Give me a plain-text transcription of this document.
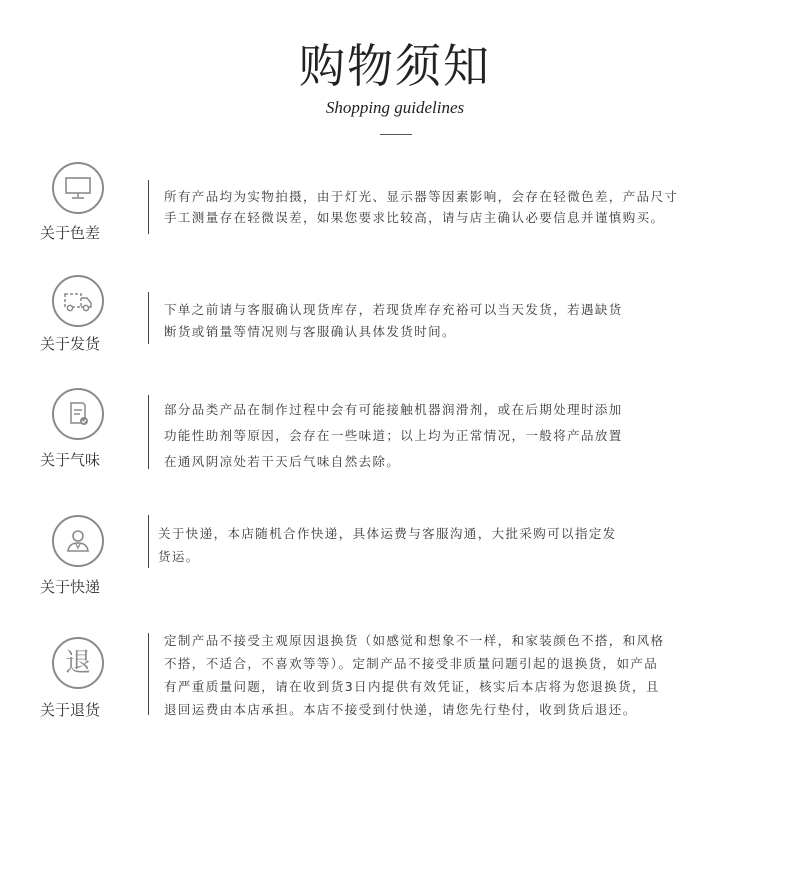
购物须知
Shopping guidelines
关于色差
所有产品均为实物拍摄，由于灯光、显示器等因素影响，会存在轻微色差，产品尺寸
手工测量存在轻微误差，如果您要求比较高，请与店主确认必要信息并谨慎购买。
关于发货
下单之前请与客服确认现货库存，若现货库存充裕可以当天发货，若遇缺货
断货或销量等情况则与客服确认具体发货时间。
关于气味
部分品类产品在制作过程中会有可能接触机器润滑剂，或在后期处理时添加
功能性助剂等原因，会存在一些味道；以上均为正常情况，一般将产品放置
在通风阴凉处若干天后气味自然去除。
关于快递
关于快递，本店随机合作快递，具体运费与客服沟通，大批采购可以指定发
货运。
退
关于退货
定制产品不接受主观原因退换货（如感觉和想象不一样，和家装颜色不搭，和风格
不搭，不适合，不喜欢等等）。定制产品不接受非质量问题引起的退换货，如产品
有严重质量问题，请在收到货3日内提供有效凭证，核实后本店将为您退换货，且
退回运费由本店承担。本店不接受到付快递，请您先行垫付，收到货后退还。
